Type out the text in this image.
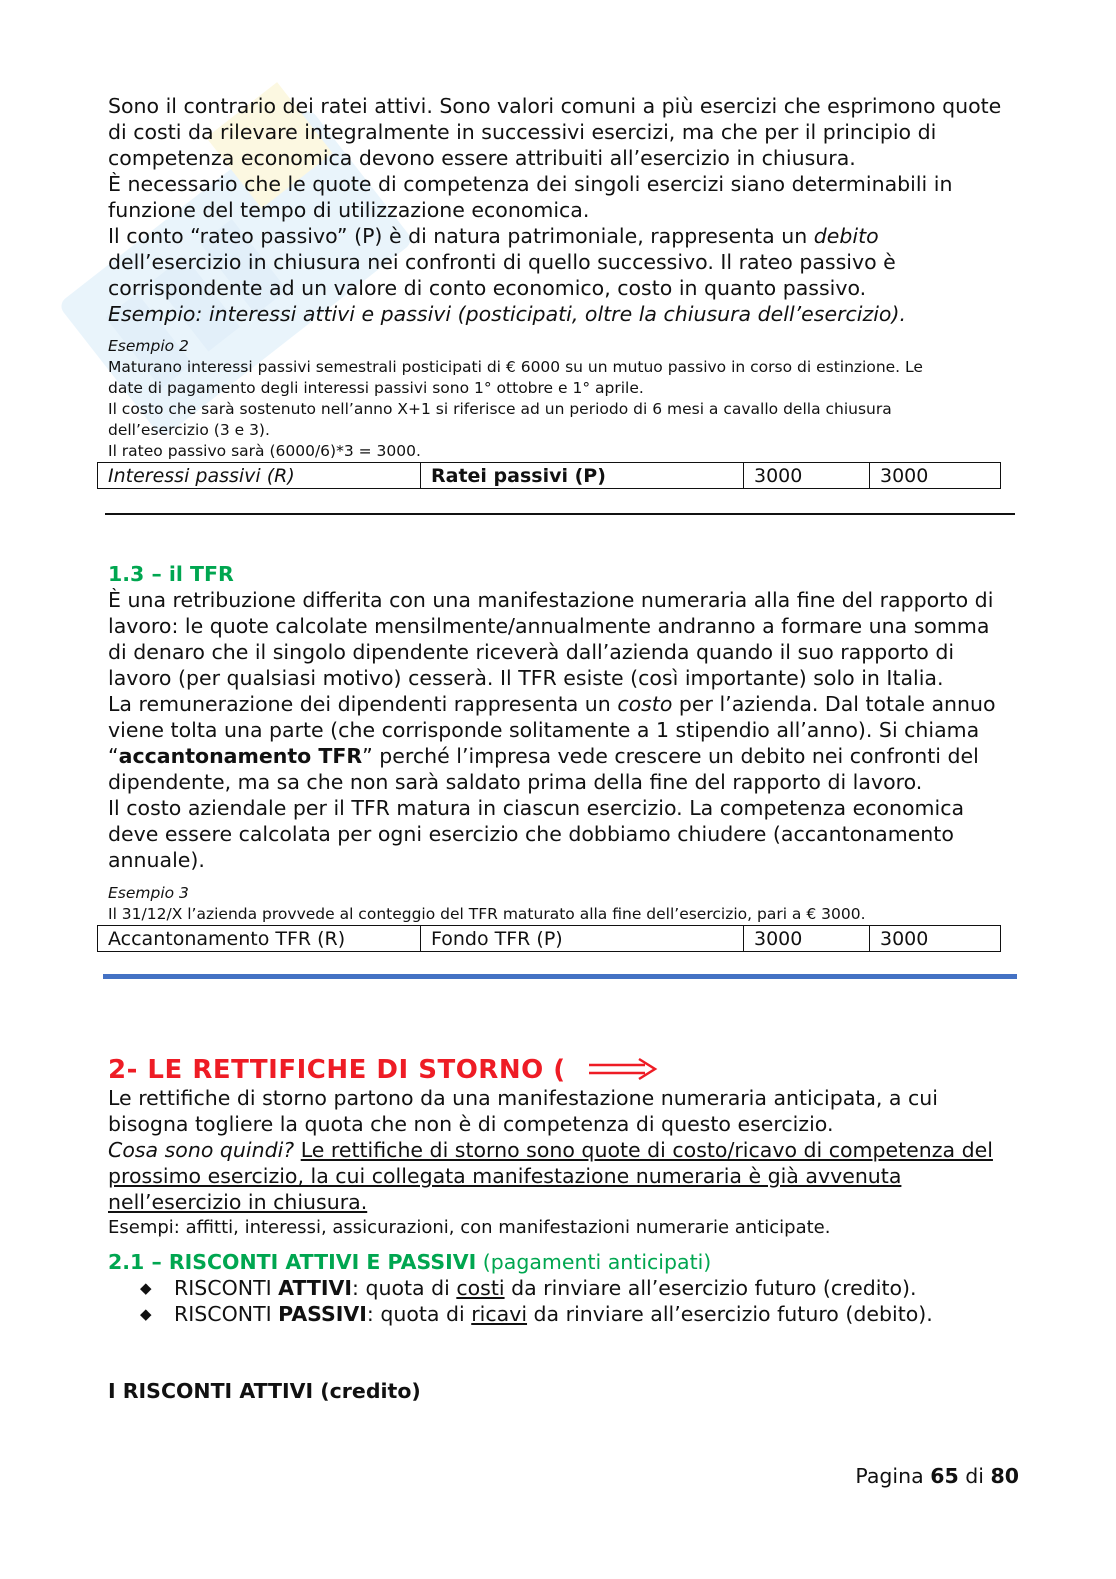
Sono il contrario dei ratei attivi. Sono valori comuni a più esercizi che esprimono quote

di costi da rilevare integralmente in successivi esercizi, ma che per il principio di

competenza economica devono essere attribuiti all’esercizio in chiusura.

È necessario che le quote di competenza dei singoli esercizi siano determinabili in

funzione del tempo di utilizzazione economica.

Il conto “rateo passivo” (P) è di natura patrimoniale, rappresenta un debito

dell’esercizio in chiusura nei confronti di quello successivo. Il rateo passivo è

corrispondente ad un valore di conto economico, costo in quanto passivo.

Esempio: interessi attivi e passivi (posticipati, oltre la chiusura dell’esercizio).

Esempio 2

Maturano interessi passivi semestrali posticipati di € 6000 su un mutuo passivo in corso di estinzione. Le

date di pagamento degli interessi passivi sono 1° ottobre e 1° aprile.

Il costo che sarà sostenuto nell’anno X+1 si riferisce ad un periodo di 6 mesi a cavallo della chiusura

dell’esercizio (3 e 3).

Il rateo passivo sarà (6000/6)*3 = 3000.

Interessi passivi (R)	Ratei passivi (P)	3000	3000

1.3 – il TFR

È una retribuzione differita con una manifestazione numeraria alla fine del rapporto di

lavoro: le quote calcolate mensilmente/annualmente andranno a formare una somma

di denaro che il singolo dipendente riceverà dall’azienda quando il suo rapporto di

lavoro (per qualsiasi motivo) cesserà. Il TFR esiste (così importante) solo in Italia.

La remunerazione dei dipendenti rappresenta un costo per l’azienda. Dal totale annuo

viene tolta una parte (che corrisponde solitamente a 1 stipendio all’anno). Si chiama

“accantonamento TFR” perché l’impresa vede crescere un debito nei confronti del

dipendente, ma sa che non sarà saldato prima della fine del rapporto di lavoro.

Il costo aziendale per il TFR matura in ciascun esercizio. La competenza economica

deve essere calcolata per ogni esercizio che dobbiamo chiudere (accantonamento

annuale).

Esempio 3

Il 31/12/X l’azienda provvede al conteggio del TFR maturato alla fine dell’esercizio, pari a € 3000.

Accantonamento TFR (R)	Fondo TFR (P)	3000	3000

2- LE RETTIFICHE DI STORNO (

Le rettifiche di storno partono da una manifestazione numeraria anticipata, a cui

bisogna togliere la quota che non è di competenza di questo esercizio.

Cosa sono quindi? Le rettifiche di storno sono quote di costo/ricavo di competenza del

prossimo esercizio, la cui collegata manifestazione numeraria è già avvenuta

nell’esercizio in chiusura.

Esempi: affitti, interessi, assicurazioni, con manifestazioni numerarie anticipate.

2.1 – RISCONTI ATTIVI E PASSIVI (pagamenti anticipati)

◆ RISCONTI ATTIVI: quota di costi da rinviare all’esercizio futuro (credito).
◆ RISCONTI PASSIVI: quota di ricavi da rinviare all’esercizio futuro (debito).

I RISCONTI ATTIVI (credito)

Pagina 65 di 80
